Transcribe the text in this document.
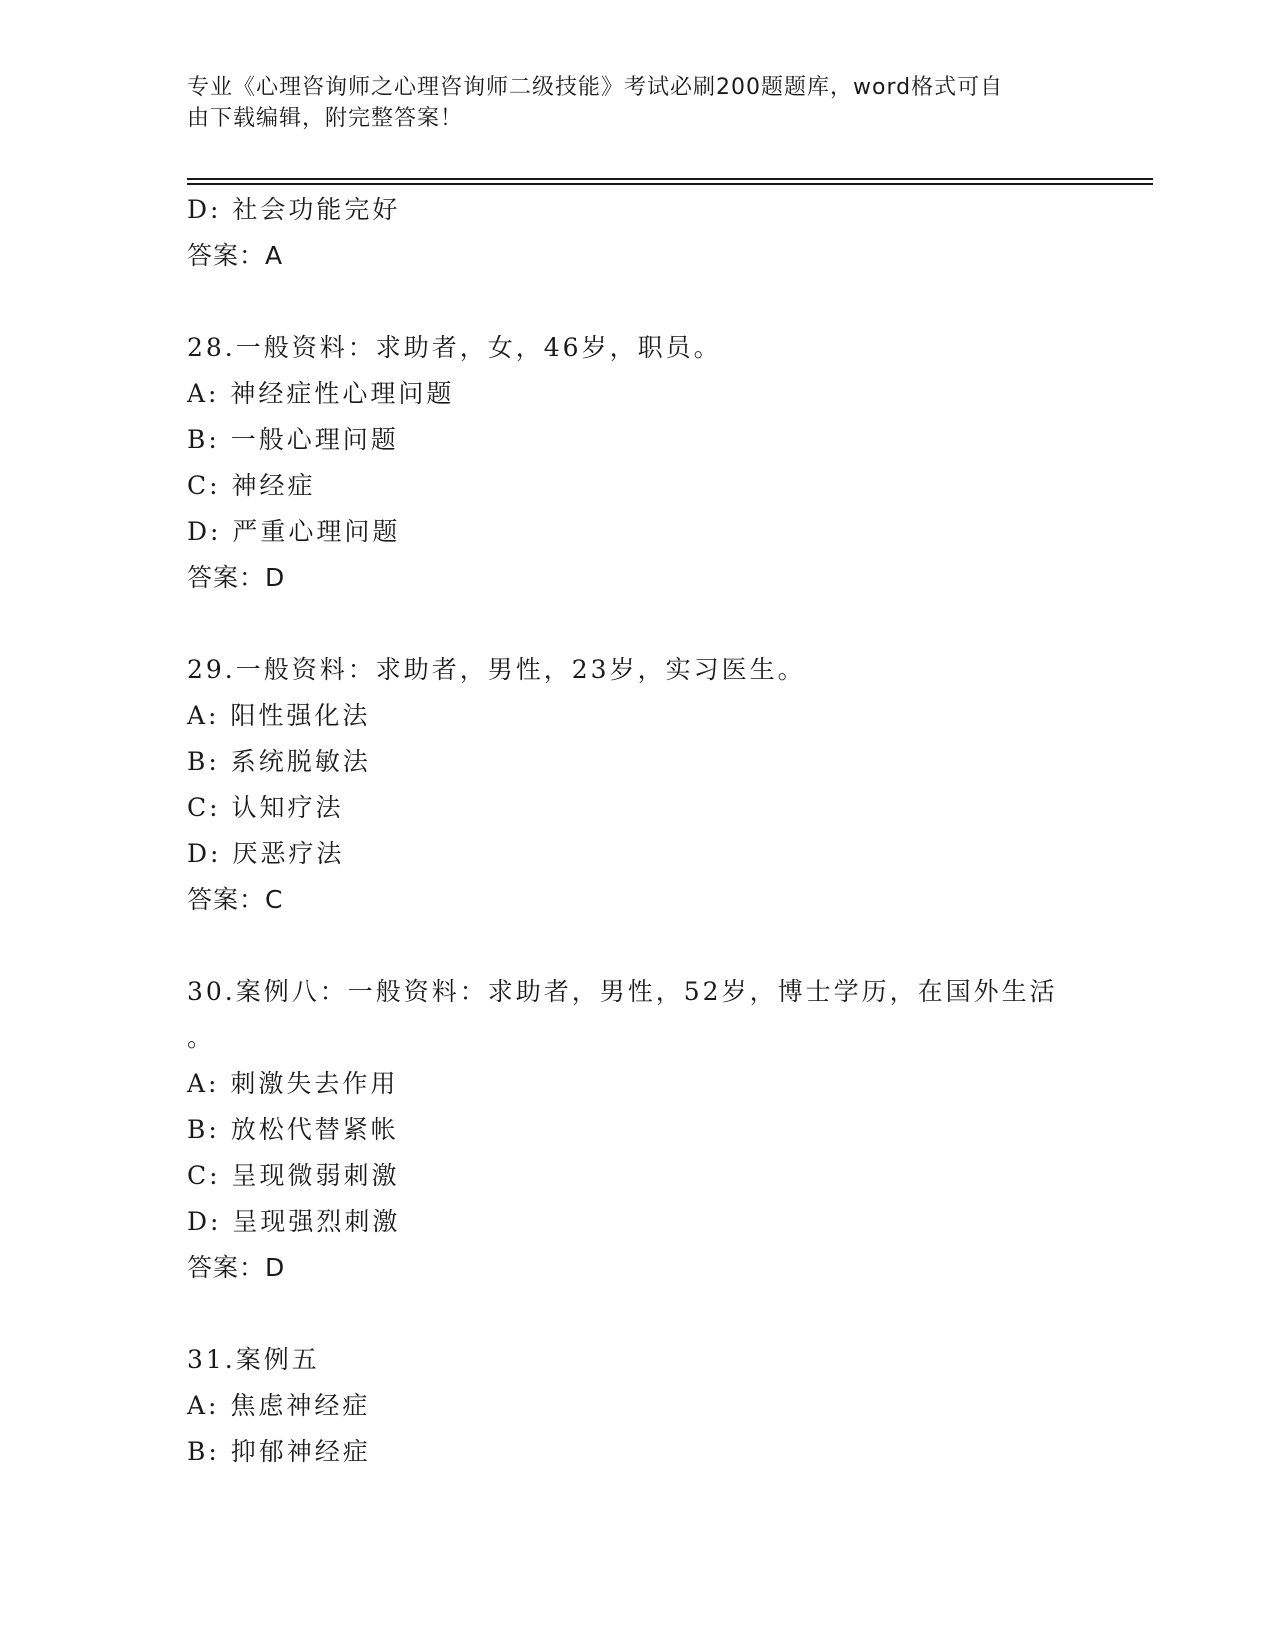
专业《心理咨询师之心理咨询师二级技能》考试必刷200题题库，word格式可自
由下载编辑，附完整答案！
D: 社会功能完好
答案：A
28.一般资料：求助者，女，46岁，职员。
A: 神经症性心理问题
B: 一般心理问题
C: 神经症
D: 严重心理问题
答案：D
29.一般资料：求助者，男性，23岁，实习医生。
A: 阳性强化法
B: 系统脱敏法
C: 认知疗法
D: 厌恶疗法
答案：C
30.案例八：一般资料：求助者，男性，52岁，博士学历，在国外生活
。
A: 刺激失去作用
B: 放松代替紧帐
C: 呈现微弱刺激
D: 呈现强烈刺激
答案：D
31.案例五
A: 焦虑神经症
B: 抑郁神经症
